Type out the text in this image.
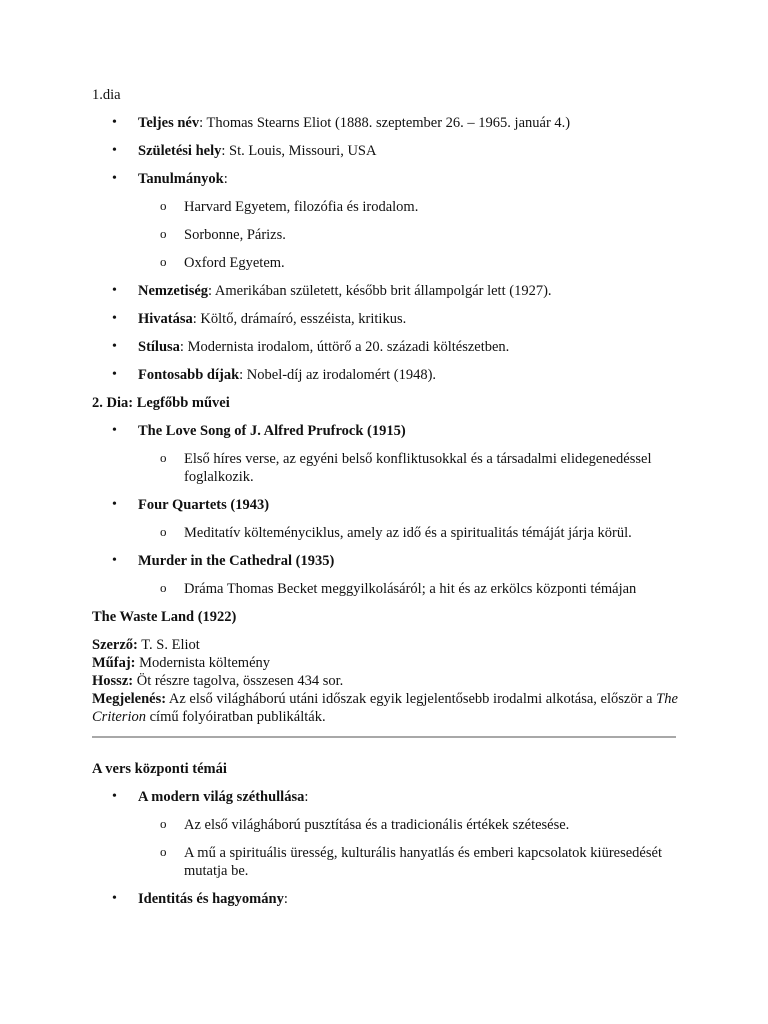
1.dia

• Teljes név: Thomas Stearns Eliot (1888. szeptember 26. – 1965. január 4.)
• Születési hely: St. Louis, Missouri, USA
• Tanulmányok:
o Harvard Egyetem, filozófia és irodalom.
o Sorbonne, Párizs.
o Oxford Egyetem.
• Nemzetiség: Amerikában született, később brit állampolgár lett (1927).
• Hivatása: Költő, drámaíró, esszéista, kritikus.
• Stílusa: Modernista irodalom, úttörő a 20. századi költészetben.
• Fontosabb díjak: Nobel-díj az irodalomért (1948).

2. Dia: Legfőbb művei

• The Love Song of J. Alfred Prufrock (1915)
o Első híres verse, az egyéni belső konfliktusokkal és a társadalmi elidegenedéssel foglalkozik.
• Four Quartets (1943)
o Meditatív költeményciklus, amely az idő és a spiritualitás témáját járja körül.
• Murder in the Cathedral (1935)
o Dráma Thomas Becket meggyilkolásáról; a hit és az erkölcs központi témájan

The Waste Land (1922)

Szerző: T. S. Eliot

Műfaj: Modernista költemény

Hossz: Öt részre tagolva, összesen 434 sor.

Megjelenés: Az első világháború utáni időszak egyik legjelentősebb irodalmi alkotása, először a The Criterion című folyóiratban publikálták.

A vers központi témái

• A modern világ széthullása:
o Az első világháború pusztítása és a tradicionális értékek szétesése.
o A mű a spirituális üresség, kulturális hanyatlás és emberi kapcsolatok kiüresedését mutatja be.
• Identitás és hagyomány:
